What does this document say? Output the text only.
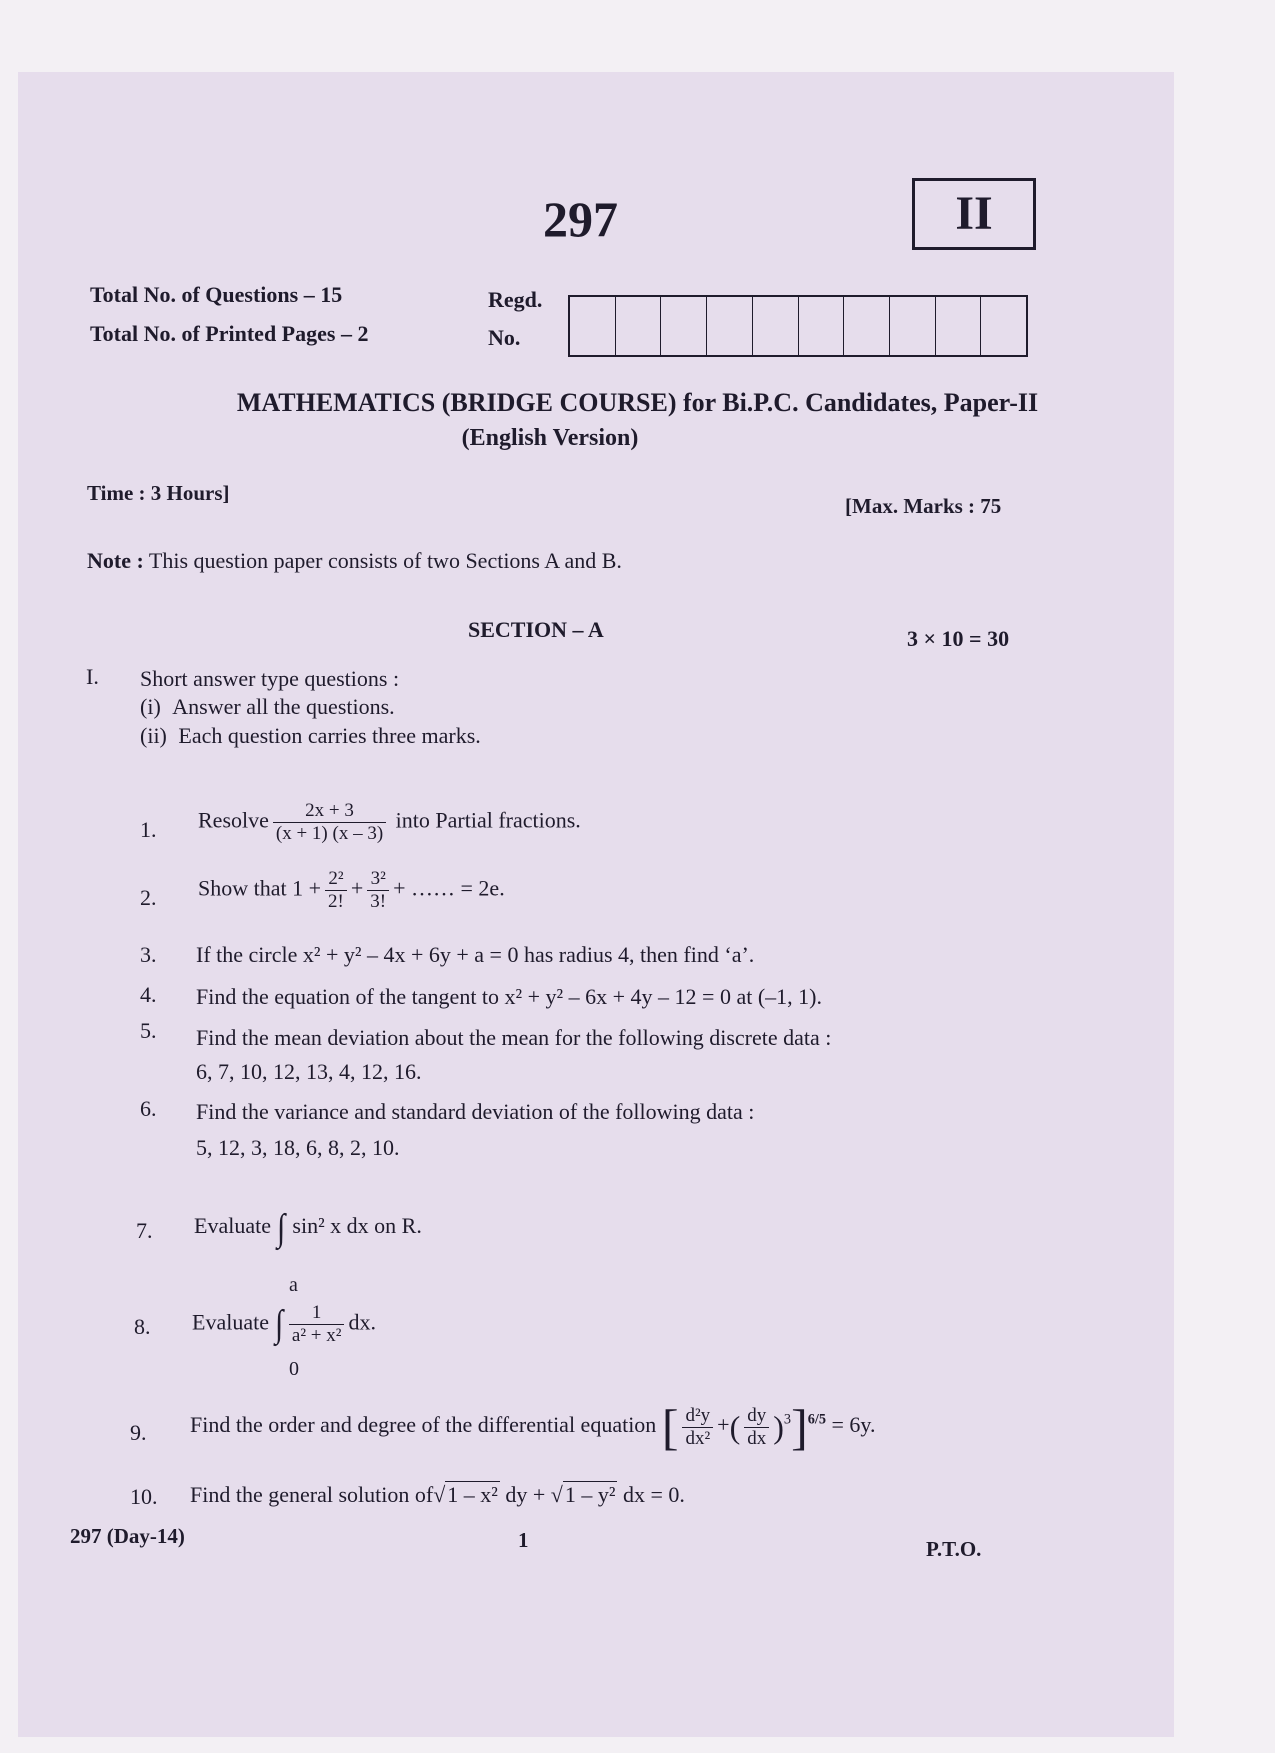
297	II
Total No. of Questions – 15
Total No. of Printed Pages – 2
Regd.
No.
MATHEMATICS (BRIDGE COURSE) for Bi.P.C. Candidates, Paper-II
(English Version)
Time : 3 Hours]
[Max. Marks : 75
Note : This question paper consists of two Sections A and B.
SECTION – A	3 × 10 = 30
I. Short answer type questions :
(i) Answer all the questions.
(ii) Each question carries three marks.
1. Resolve $\frac{2x + 3}{(x + 1) (x - 3)}$ into Partial fractions.
2. Show that $1 + \frac{\text{2²}}{2!} + \frac{\text{3²}}{3!}$ + …… = 2e.
3. If the circle x² + y² – 4x + 6y + a = 0 has radius 4, then find ‘a’.
4. Find the equation of the tangent to x² + y² – 6x + 4y – 12 = 0 at (–1, 1).
5. Find the mean deviation about the mean for the following discrete data :
6, 7, 10, 12, 13, 4, 12, 16.
6. Find the variance and standard deviation of the following data :
5, 12, 3, 18, 6, 8, 2, 10.
7. Evaluate ∫ sin² x dx on R.
8.
a
0
Evaluate ∫ $\frac{1}{\text{a² + x²}}$ dx.
9. Find the order and degree of the differential equation [ $\frac{\text{d²y}}{\text{dx²}}$ +( $\frac{dy}{dx} )^3]^{6/5} = 6y$.
10. Find the general solution of√1 – x² dy + √1 – y² dx = 0.
297 (Day-14)	1	P.T.O.
